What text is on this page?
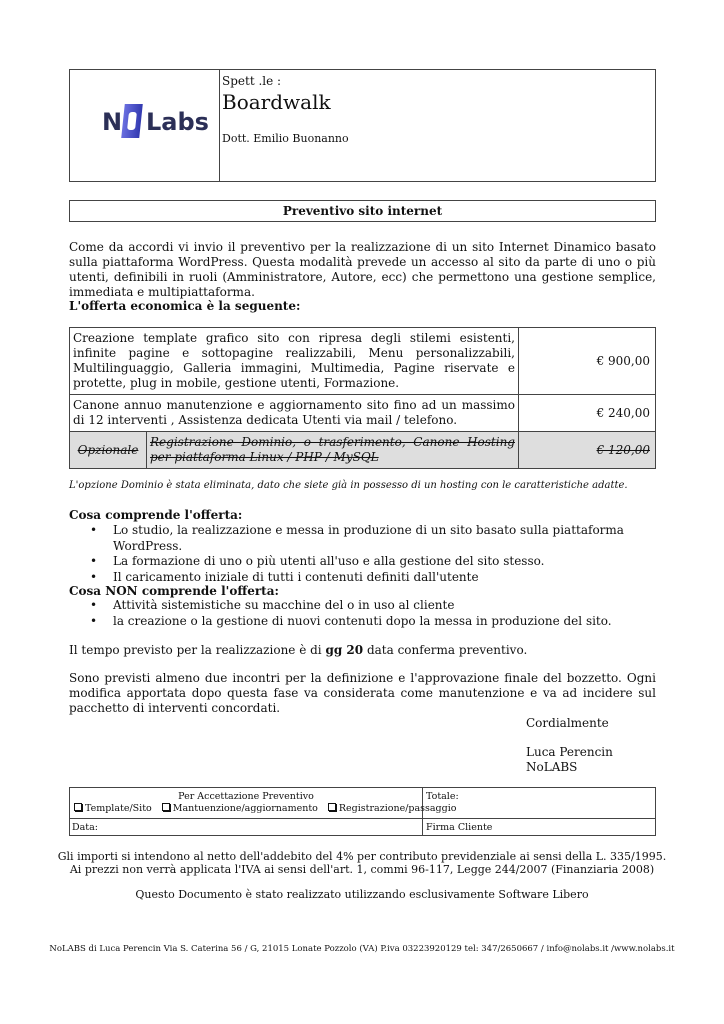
N Labs
Spett .le :
Boardwalk
Dott. Emilio Buonanno
Preventivo sito internet
Come da accordi vi invio il preventivo per la realizzazione di un sito Internet Dinamico basato sulla piattaforma WordPress. Questa modalità prevede un accesso al sito da parte di uno o più utenti, definibili in ruoli (Amministratore, Autore, ecc) che permettono una gestione semplice, immediata e multipiattaforma.
L'offerta economica è la seguente:
Creazione template grafico sito con ripresa degli stilemi esistenti, infinite pagine e sottopagine realizzabili, Menu personalizzabili, Multilinguaggio, Galleria immagini, Multimedia, Pagine riservate e protette, plug in mobile, gestione utenti, Formazione.		€ 900,00
Canone annuo manutenzione e aggiornamento sito fino ad un massimo di 12 interventi , Assistenza dedicata Utenti via mail / telefono.		€ 240,00
Opzionale	Registrazione Dominio, o trasferimento, Canone Hosting per piattaforma Linux / PHP / MySQL	€ 120,00
L'opzione Dominio è stata eliminata, dato che siete già in possesso di un hosting con le caratteristiche adatte.
Cosa comprende l'offerta:
• Lo studio, la realizzazione e messa in produzione di un sito basato sulla piattaforma WordPress.
• La formazione di uno o più utenti all'uso e alla gestione del sito stesso.
• Il caricamento iniziale di tutti i contenuti definiti dall'utente
Cosa NON comprende l'offerta:
• Attività sistemistiche su macchine del o in uso al cliente
• la creazione o la gestione di nuovi contenuti dopo la messa in produzione del sito.
Il tempo previsto per la realizzazione è di gg 20 data conferma preventivo.
Sono previsti almeno due incontri per la definizione e l'approvazione finale del bozzetto. Ogni modifica apportata dopo questa fase va considerata come manutenzione e va ad incidere sul pacchetto di interventi concordati.
Cordialmente
Luca Perencin
NoLABS
Per Accettazione Preventivo
Template/Sito Mantuenzione/aggiornamento Registrazione/passaggio
Totale:
Data:	Firma Cliente
Gli importi si intendono al netto dell'addebito del 4% per contributo previdenziale ai sensi della L. 335/1995.
Ai prezzi non verrà applicata l'IVA ai sensi dell'art. 1, commi 96-117, Legge 244/2007 (Finanziaria 2008)
Questo Documento è stato realizzato utilizzando esclusivamente Software Libero
NoLABS di Luca Perencin Via S. Caterina 56 / G, 21015 Lonate Pozzolo (VA) P.iva 03223920129 tel: 347/2650667 / info@nolabs.it /www.nolabs.it
